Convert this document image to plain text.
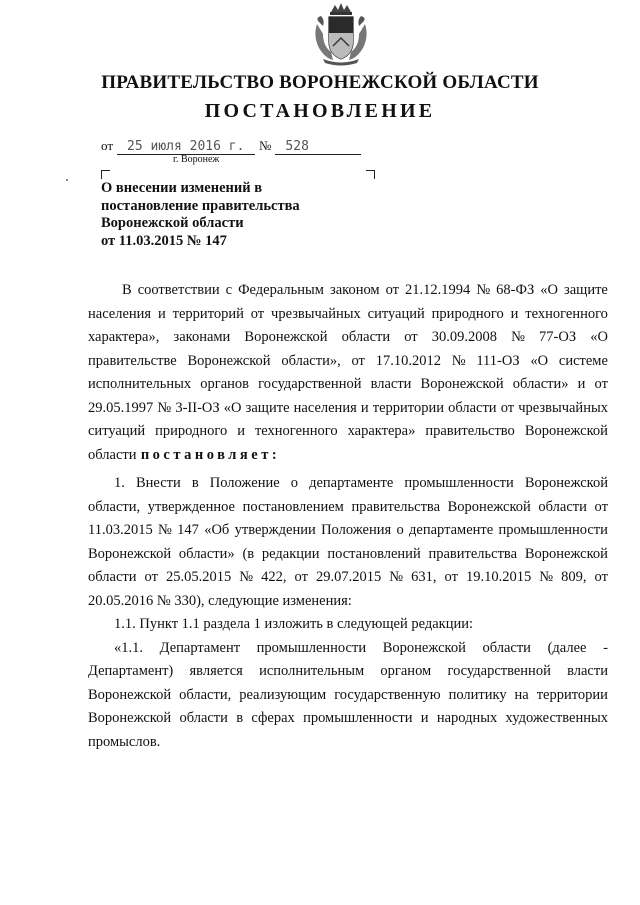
ПРАВИТЕЛЬСТВО ВОРОНЕЖСКОЙ ОБЛАСТИ
ПОСТАНОВЛЕНИЕ
от 25 июля 2016 г. № 528
г. Воронеж
О внесении изменений в
постановление правительства
Воронежской области
от 11.03.2015 № 147
В соответствии с Федеральным законом от 21.12.1994 № 68-ФЗ «О защите
населения и территорий от чрезвычайных ситуаций природного и техногенного
характера», законами Воронежской области от 30.09.2008 № 77-ОЗ «О
правительстве Воронежской области», от 17.10.2012 № 111-ОЗ «О системе
исполнительных органов государственной власти Воронежской области» и от
29.05.1997 № 3-II-ОЗ «О защите населения и территории области от чрезвычайных
ситуаций природного и техногенного характера» правительство Воронежской
области постановляет :
1. Внести в Положение о департаменте промышленности Воронежской
области, утвержденное постановлением правительства Воронежской области от
11.03.2015 № 147 «Об утверждении Положения о департаменте промышленности
Воронежской области» (в редакции постановлений правительства Воронежской
области от 25.05.2015 № 422, от 29.07.2015 № 631, от 19.10.2015 № 809, от
20.05.2016 № 330), следующие изменения:
1.1. Пункт 1.1 раздела 1 изложить в следующей редакции:
«1.1. Департамент промышленности Воронежской области (далее -
Департамент) является исполнительным органом государственной власти
Воронежской области, реализующим государственную политику на территории
Воронежской области в сферах промышленности и народных художественных
промыслов.
